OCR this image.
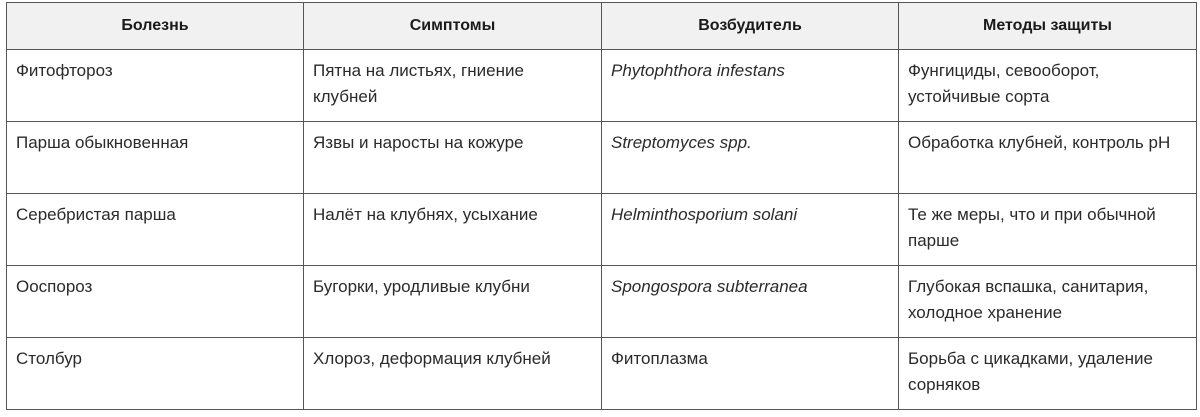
Болезнь	Симптомы	Возбудитель	Методы защиты
Фитофтороз	Пятна на листьях, гниение клубней	Phytophthora infestans	Фунгициды, севооборот, устойчивые сорта
Парша обыкновенная	Язвы и наросты на кожуре	Streptomyces spp.	Обработка клубней, контроль pH
Серебристая парша	Налёт на клубнях, усыхание	Helminthosporium solani	Те же меры, что и при обычной парше
Ооспороз	Бугорки, уродливые клубни	Spongospora subterranea	Глубокая вспашка, санитария, холодное хранение
Столбур	Хлороз, деформация клубней	Фитоплазма	Борьба с цикадками, удаление сорняков
